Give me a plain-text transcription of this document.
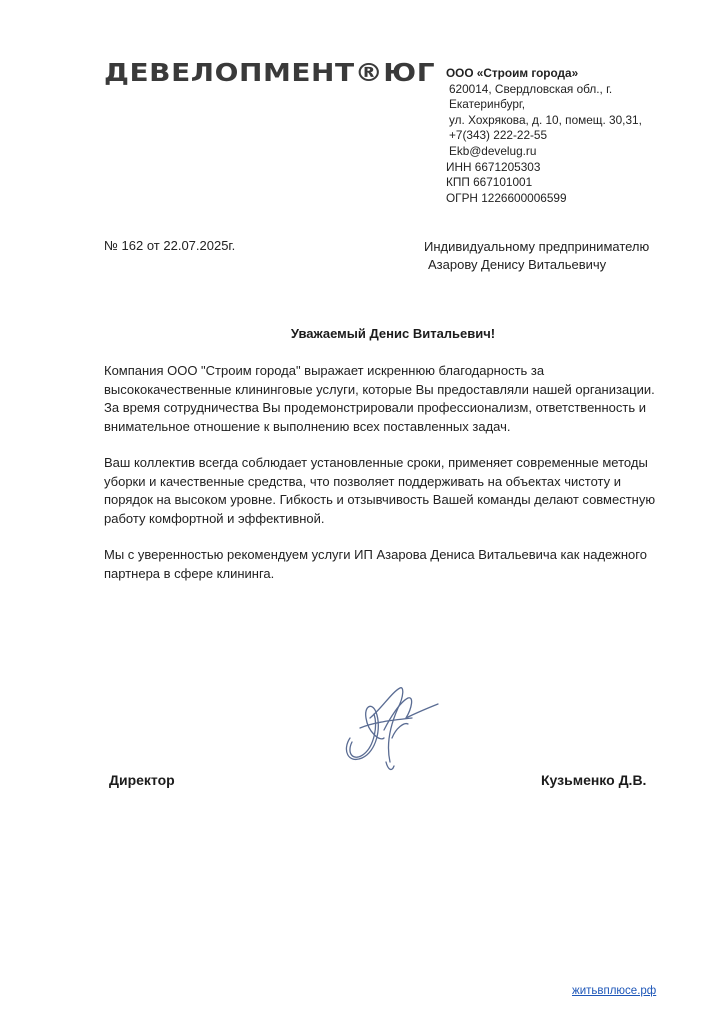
ДЕВЕЛОПМЕНТ®ЮГ ООО «Строим города»
620014, Свердловская обл., г.
Екатеринбург,
ул. Хохрякова, д. 10, помещ. 30,31,
+7(343) 222-22-55
Ekb@develug.ru
ИНН 6671205303
КПП 667101001
ОГРН 1226600006599
№ 162 от 22.07.2025г.	Индивидуальному предпринимателю
Азарову Денису Витальевичу
Уважаемый Денис Витальевич!

Компания ООО "Строим города" выражает искреннюю благодарность за
высококачественные клининговые услуги, которые Вы предоставляли нашей организации.
За время сотрудничества Вы продемонстрировали профессионализм, ответственность и
внимательное отношение к выполнению всех поставленных задач.

Ваш коллектив всегда соблюдает установленные сроки, применяет современные методы
уборки и качественные средства, что позволяет поддерживать на объектах чистоту и
порядок на высоком уровне. Гибкость и отзывчивость Вашей команды делают совместную
работу комфортной и эффективной.

Мы с уверенностью рекомендуем услуги ИП Азарова Дениса Витальевича как надежного
партнера в сфере клининга.

Директор	Кузьменко Д.В.
житьвплюсе.рф
